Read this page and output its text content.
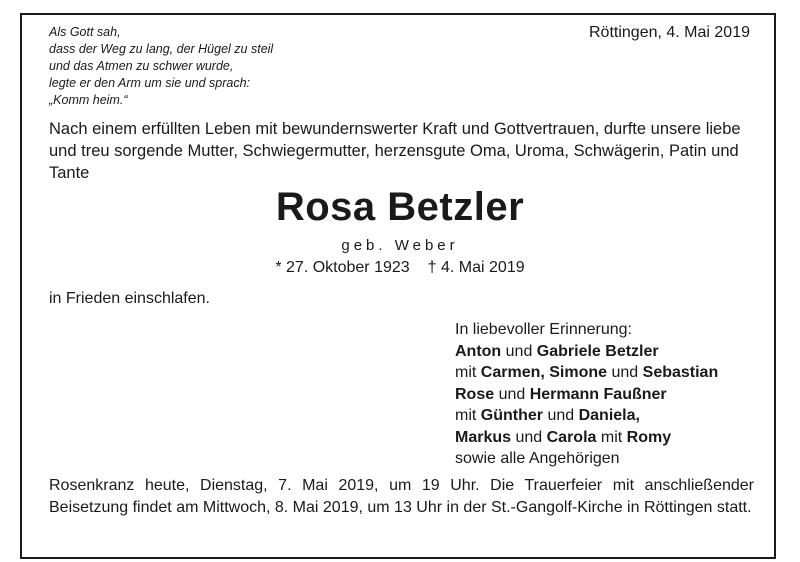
Als Gott sah,
dass der Weg zu lang, der Hügel zu steil
und das Atmen zu schwer wurde,
legte er den Arm um sie und sprach:
„Komm heim.“
Röttingen, 4. Mai 2019
Nach einem erfüllten Leben mit bewundernswerter Kraft und Gottvertrauen, durfte unsere liebe und treu sorgende Mutter, Schwiegermutter, herzensgute Oma, Uroma, Schwägerin, Patin und Tante
Rosa Betzler
geb. Weber
* 27. Oktober 1923 † 4. Mai 2019
in Frieden einschlafen.
In liebevoller Erinnerung:
Anton und Gabriele Betzler
mit Carmen, Simone und Sebastian
Rose und Hermann Faußner
mit Günther und Daniela,
Markus und Carola mit Romy
sowie alle Angehörigen
Rosenkranz heute, Dienstag, 7. Mai 2019, um 19 Uhr. Die Trauerfeier mit anschließender Beisetzung findet am Mittwoch, 8. Mai 2019, um 13 Uhr in der St.-Gangolf-Kirche in Röttingen statt.
